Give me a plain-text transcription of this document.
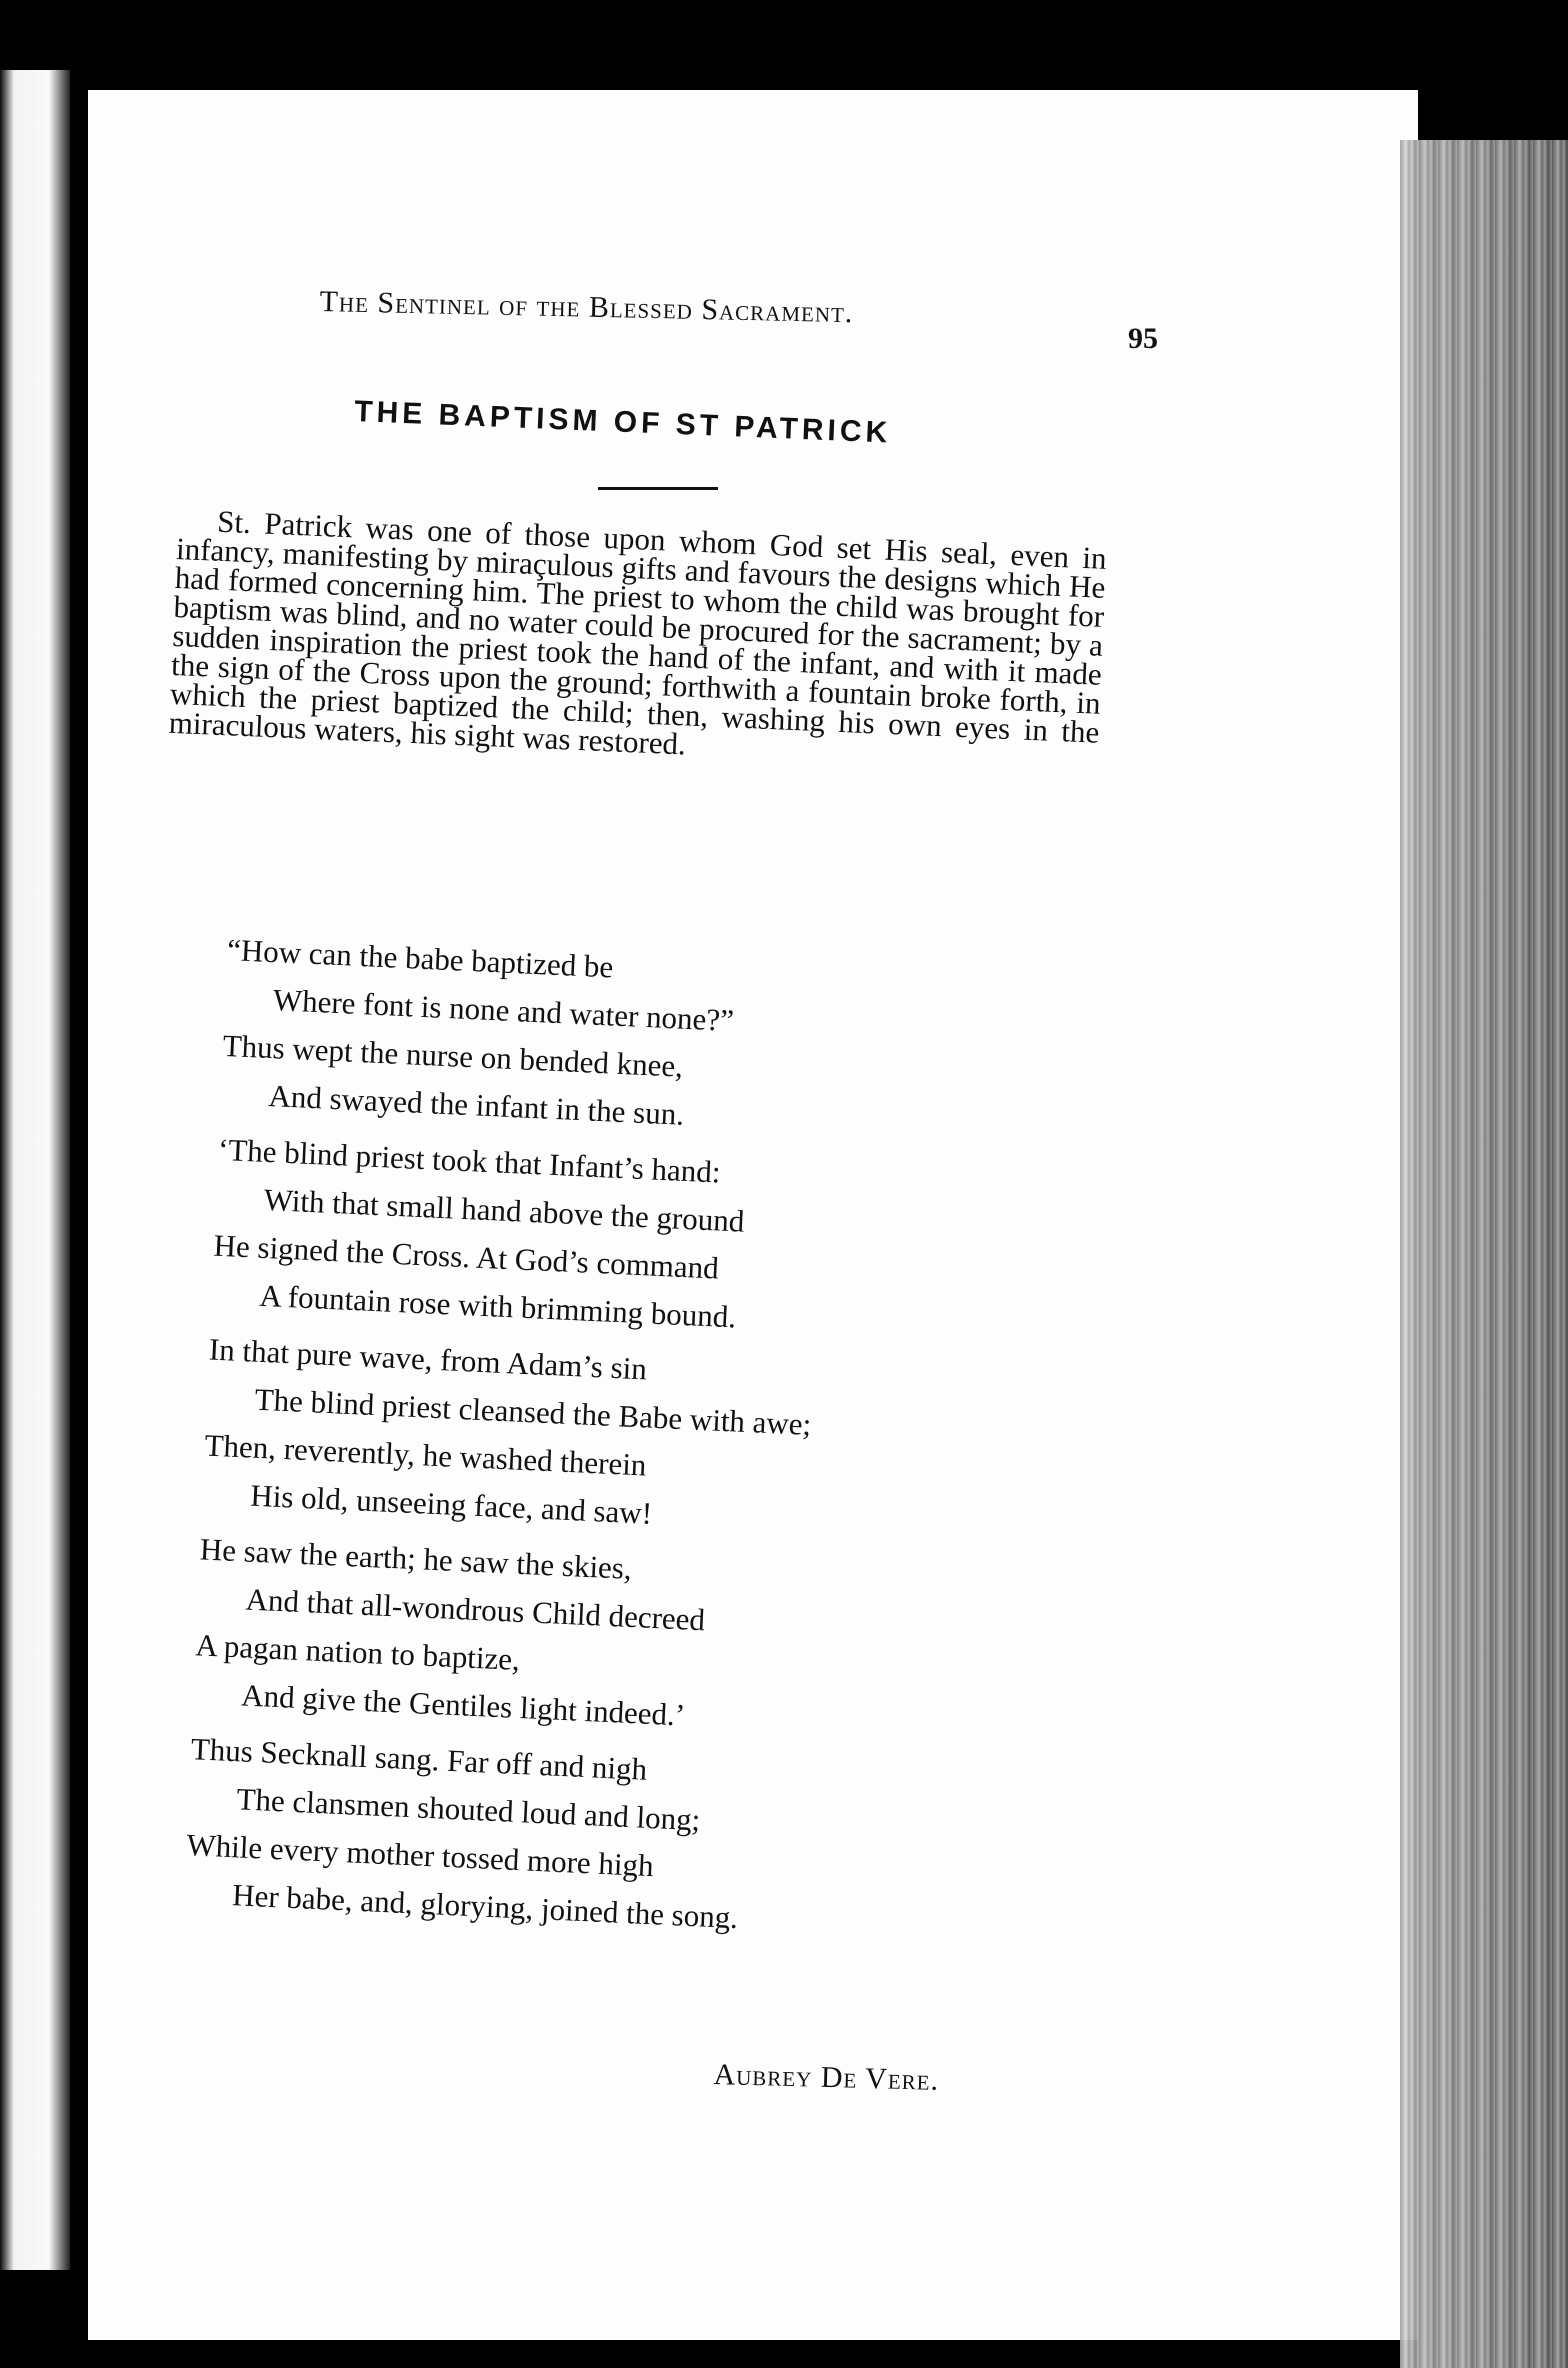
The Sentinel of the Blessed Sacrament.
95
THE BAPTISM OF ST PATRICK

St. Patrick was one of those upon whom God set His seal, even in infancy, manifesting by miraçulous gifts and favours the designs which He had formed concerning him. The priest to whom the child was brought for baptism was blind, and no water could be procured for the sacrament; by a sudden inspiration the priest took the hand of the infant, and with it made the sign of the Cross upon the ground; forthwith a fountain broke forth, in which the priest baptized the child; then, washing his own eyes in the miraculous waters, his sight was restored.

“How can the babe baptized be
Where font is none and water none?”
Thus wept the nurse on bended knee,
And swayed the infant in the sun.
‘The blind priest took that Infant’s hand:
With that small hand above the ground
He signed the Cross. At God’s command
A fountain rose with brimming bound.
In that pure wave, from Adam’s sin
The blind priest cleansed the Babe with awe;
Then, reverently, he washed therein
His old, unseeing face, and saw!
He saw the earth; he saw the skies,
And that all-wondrous Child decreed
A pagan nation to baptize,
And give the Gentiles light indeed.’
Thus Secknall sang. Far off and nigh
The clansmen shouted loud and long;
While every mother tossed more high
Her babe, and, glorying, joined the song.
Aubrey De Vere.
